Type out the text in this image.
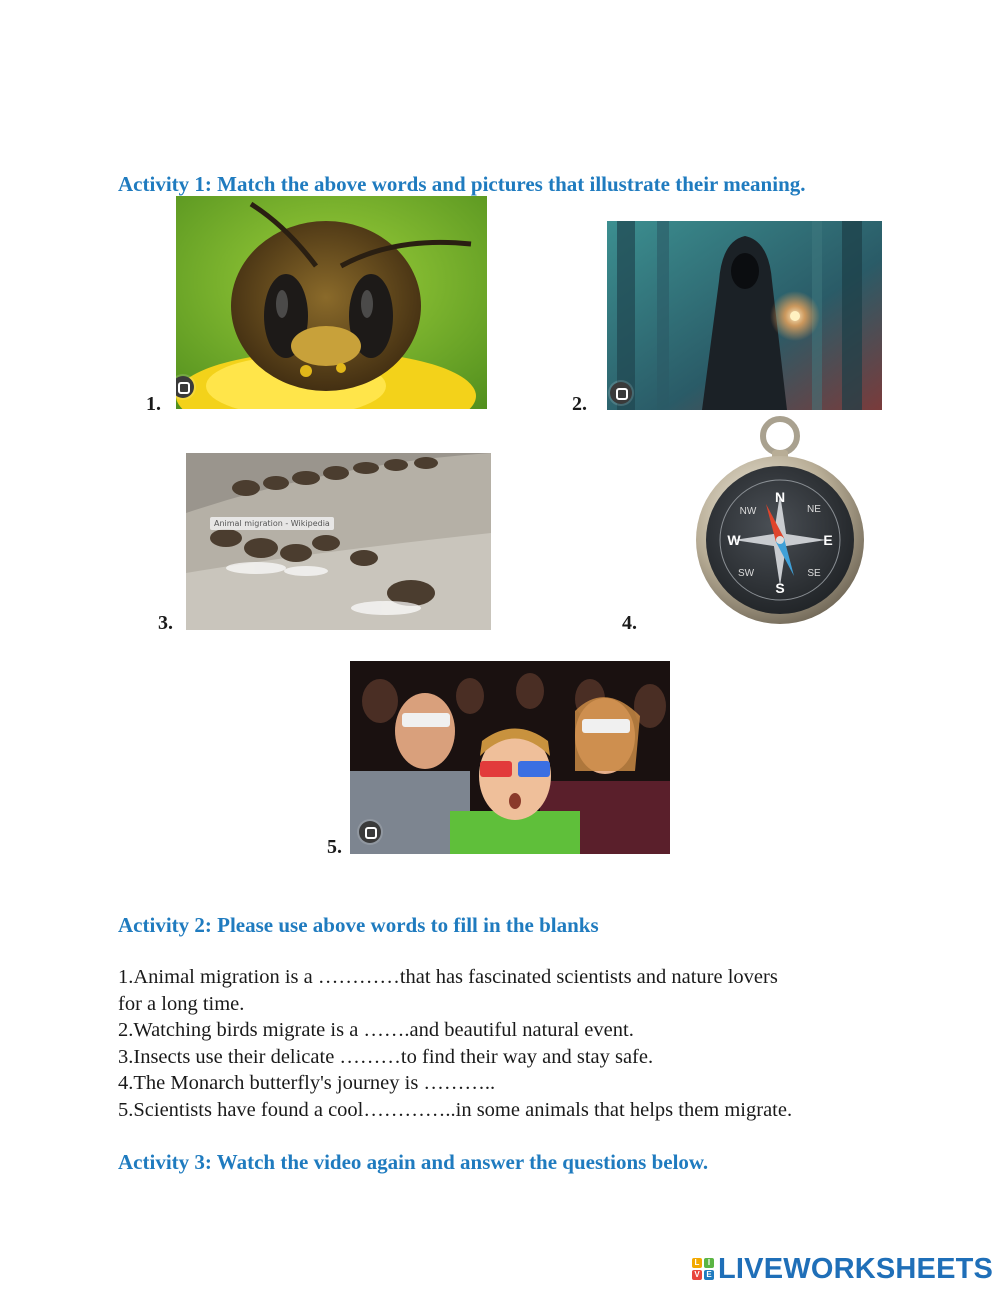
Activity 1: Match the above words and pictures that illustrate their meaning.
1.	2.
3.
Animal migration - Wikipedia
4.
N
E
S
W
NE
SE
SW
NW
5.
Activity 2: Please use above words to fill in the blanks
1.Animal migration is a …………that has fascinated scientists and nature lovers
for a long time.
2.Watching birds migrate is a …….and beautiful natural event.
3.Insects use their delicate ………to find their way and stay safe.
4.The Monarch butterfly's journey is ………..
5.Scientists have found a cool…………..in some animals that helps them migrate.
Activity 3: Watch the video again and answer the questions below.
L	I
V E LIVEWORKSHEETS
